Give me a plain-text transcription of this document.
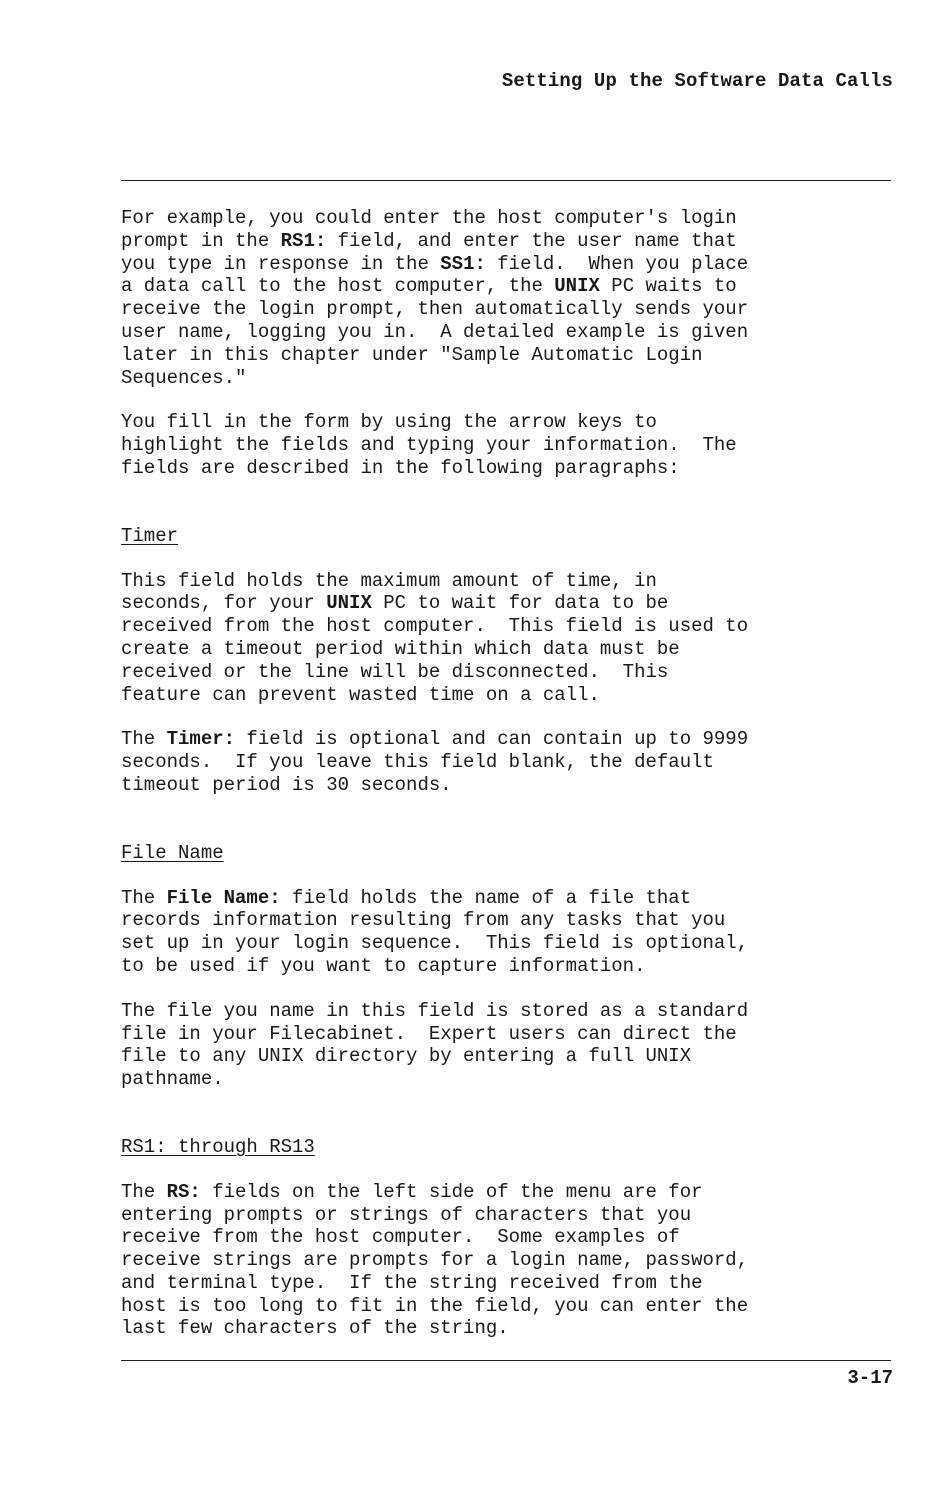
Setting Up the Software Data Calls

For example, you could enter the host computer's login

prompt in the RS1: field, and enter the user name that

you type in response in the SS1: field.  When you place

a data call to the host computer, the UNIX PC waits to

receive the login prompt, then automatically sends your

user name, logging you in.  A detailed example is given

later in this chapter under "Sample Automatic Login

Sequences."

You fill in the form by using the arrow keys to

highlight the fields and typing your information.  The

fields are described in the following paragraphs:

Timer

This field holds the maximum amount of time, in

seconds, for your UNIX PC to wait for data to be

received from the host computer.  This field is used to

create a timeout period within which data must be

received or the line will be disconnected.  This

feature can prevent wasted time on a call.

The Timer: field is optional and can contain up to 9999

seconds.  If you leave this field blank, the default

timeout period is 30 seconds.

File Name

The File Name: field holds the name of a file that

records information resulting from any tasks that you

set up in your login sequence.  This field is optional,

to be used if you want to capture information.

The file you name in this field is stored as a standard

file in your Filecabinet.  Expert users can direct the

file to any UNIX directory by entering a full UNIX

pathname.

RS1: through RS13

The RS: fields on the left side of the menu are for

entering prompts or strings of characters that you

receive from the host computer.  Some examples of

receive strings are prompts for a login name, password,

and terminal type.  If the string received from the

host is too long to fit in the field, you can enter the

last few characters of the string.

3-17
